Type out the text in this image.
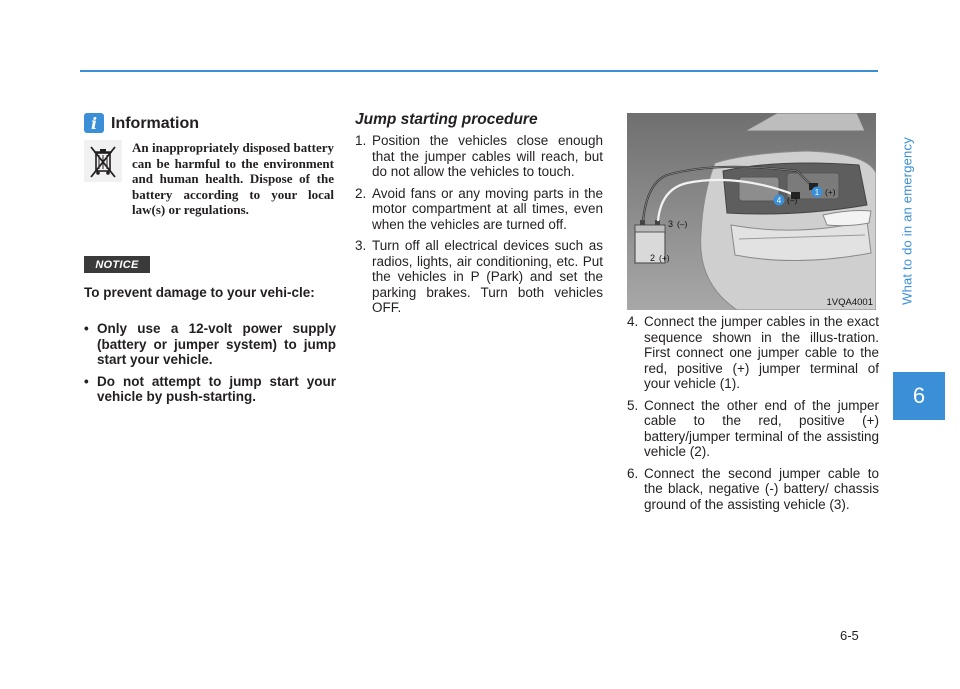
What to do in an emergency
6
i Information
An inappropriately disposed battery can be harmful to the environment and human health. Dispose of the battery according to your local law(s) or regulations.
NOTICE
To prevent damage to your vehi-cle:
• Only use a 12-volt power supply (battery or jumper system) to jump start your vehicle.
• Do not attempt to jump start your vehicle by push-starting.
Jump starting procedure
1. Position the vehicles close enough that the jumper cables will reach, but do not allow the vehicles to touch.
2. Avoid fans or any moving parts in the motor compartment at all times, even when the vehicles are turned off.
3. Turn off all electrical devices such as radios, lights, air conditioning, etc. Put the vehicles in P (Park) and set the parking brakes. Turn both vehicles OFF.
1 (+)
4 (–)
3 (–)
2 (+)
1VQA4001
4. Connect the jumper cables in the exact sequence shown in the illus-tration. First connect one jumper cable to the red, positive (+) jumper terminal of your vehicle (1).
5. Connect the other end of the jumper cable to the red, positive (+) battery/jumper terminal of the assisting vehicle (2).
6. Connect the second jumper cable to the black, negative (-) battery/ chassis ground of the assisting vehicle (3).
6-5
